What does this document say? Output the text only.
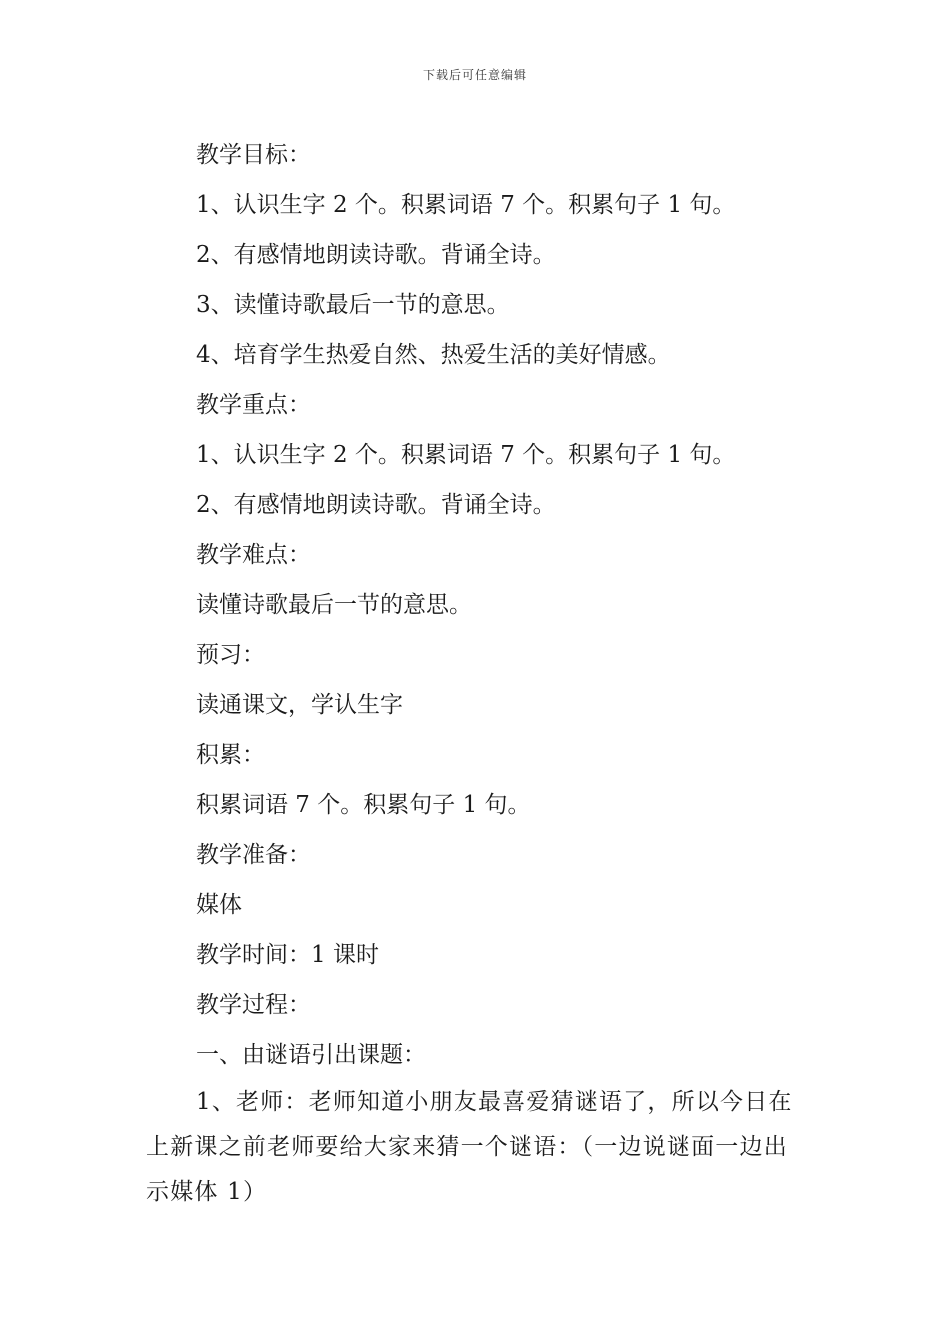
下载后可任意编辑

教学目标：

1、认识生字 2 个。积累词语 7 个。积累句子 1 句。

2、有感情地朗读诗歌。背诵全诗。

3、读懂诗歌最后一节的意思。

4、培育学生热爱自然、热爱生活的美好情感。

教学重点：

1、认识生字 2 个。积累词语 7 个。积累句子 1 句。

2、有感情地朗读诗歌。背诵全诗。

教学难点：

读懂诗歌最后一节的意思。

预习：

读通课文，学认生字

积累：

积累词语 7 个。积累句子 1 句。

教学准备：

媒体

教学时间：1 课时

教学过程：

一、由谜语引出课题：

1、老师：老师知道小朋友最喜爱猜谜语了，所以今日在上新课之前老师要给大家来猜一个谜语：（一边说谜面一边出示媒体 1）
